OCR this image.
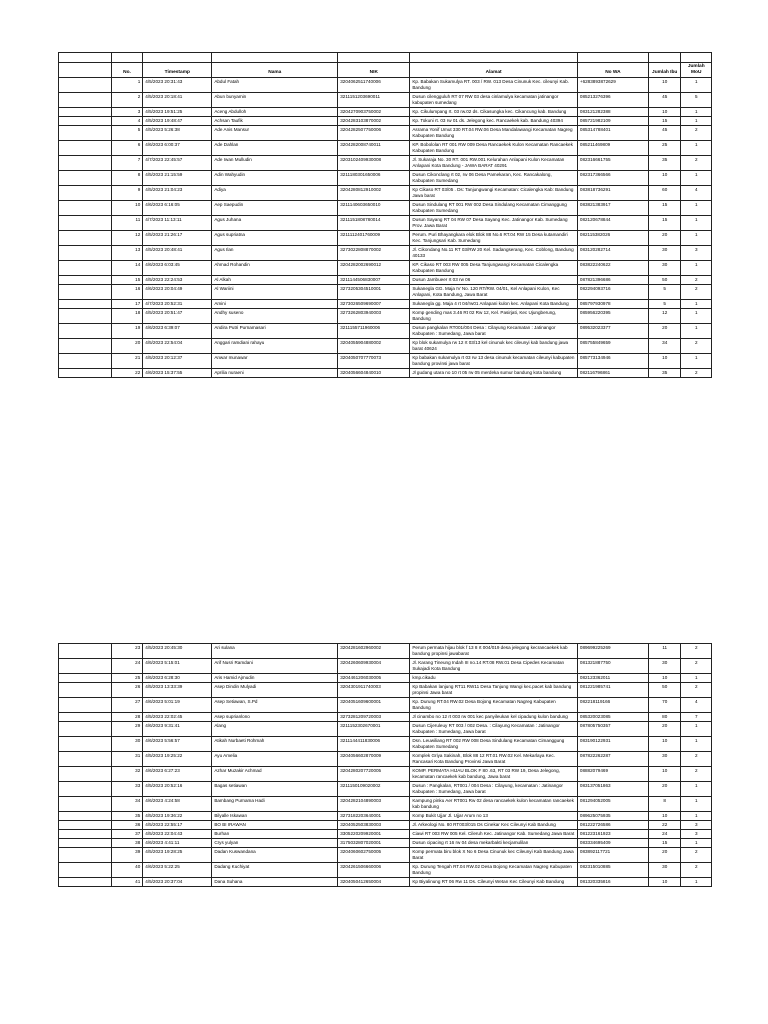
	No.	Timestamp	Nama	NIK	Alamat	No WA	Jumlah Ibu	Jumlah MoU
	1	4/5/2023 20:31:43	Abdul Fatah	3204062511740006	Kp. Babakan Sukamulya RT. 003 / RW. 013 Desa Cinunuk Kec. cileunyi Kab. Bandung	+6283893872629	10	1
	2	4/5/2023 20:18:41	Abun bunyamin	3211151203690011	Dusun cilengguluh RT 07 RW 03 desa cinlamulya kecamatan jatinangor kabupaten sumedang	085213276396	45	5
	3	4/5/2023 19:51:25	Aceng Abdulloh	3204270903750002	Kp. Cikulumpang rt. 03 rw.02 ds. Cikasungka kec. Cikancung kab. Bandung	083121282388	10	1
	4	4/5/2023 19:48:47	Achsan Taufik	3204283103870002	Kp. Tokuni rt. 03 rw 01 ds. Jelegong kec. Rancaekek kab. Bandung 40394	085721982109	15	1
	5	4/5/2023 5:26:38	Ade Anis Mansur	3204282507750006	Asrama Yonif Umut 330 RT.04 RW.06 Desa Mandalawangi Kecamatan Nagreg Kabupaten Bandung	085314788401	45	2
	6	4/6/2023 6:00:37	Ade Dahlan	3204282008740011	KP. Bobololan RT 001 RW 009 Desa Rancaekek Kulon Kecamatan Rancaekek Kabupaten Bandung	085211469809	25	1
	7	4/7/2023 22:45:57	Ade Iwan Mulludin	3203102409930008	Jl. Sukaraja No. 30 RT. 001 RW.001 Kelurahan Anlapani Kulon Kecamatan Anlapani Kota Bandung - JAWA BARAT 40291	082316661755	35	2
	8	4/5/2023 21:15:59	Adin Wahyudin	3211180301650006	Dusun Cikonclang rt 02, rw 06 Desa Pamekaran, Kec. Rancakalong, Kabupaten Sumedang	082317366566	10	1
	9	4/5/2023 21:04:23	Adiya	3204280812910002	Kp Cikaso RT 03/05 . Ds: Tanjungwangi Kecamatan: Cicalengka Kab: Bandung Jawa barat	083818736291	60	4
	10	4/6/2023 6:16:05	Aep Saepudin	3211140603650010	Dusun Sindulang RT 001 RW 002 Desa Sindulang Kecamatan Cimanggung Kabupaten Sumedang	083821383917	15	1
	11	4/7/2023 11:13:11	Agus Juhana	3211151808780014	Dusun Sayang RT 04 RW 07 Desa Sayang Kec. Jatinangor Kab. Sumedang Prov. Jawa Barat	082120678844	15	1
	12	4/5/2023 21:26:17	Agus supriatna	3211112401760009	Perum. Puri Bhayangkara elok Blok 88 No.6 RT.04 RW 15 Desa kutamandiri Kec. Tanjungsari Kab. Sumedang	082115382026	20	1
	13	4/5/2023 20:48:41	Agus Ilan	3273022808870002	Jl. Cikondang No.11 RT 03/RW 20 Kel. Sadangserang, Kec. Coblong, Bandung 40133	083120282714	30	3
	14	4/6/2023 6:03:45	Ahmad Rohandin	3204282002690012	KP. Cikaso RT 003 RW 005 Desa Tanjungwangi Kecamatan Cicalengka Kabupaten Bandung	083822240622	30	1
	15	4/5/2023 22:24:53	Al Alkah	3211144506830007	Dusun Jambueer rt 03 rw 06	087821396686	50	2
	16	4/6/2023 20:04:49	Al Wariini	3273205304510001	Sukanegla GG. Maja IV No. 120 RT/RW. 04/01, Kel Anlapani Kulon, Kec Anlapani, Kota Bandung, Jawa Barat	082294093716	5	2
	17	4/7/2023 20:52:31	Amini	3273026509690007	Sukanegla gg. Maja 4 rt 04/rw01 Anlapani kulon kec. Anlapani Kota Bandung	085797930978	5	1
	18	4/5/2023 20:51:47	Andhy suseno	3273262803940003	Komp gending mas 3.46 Rt 02 Rw 12, Kel. Pasirjati, Kec Ujungberung, Bandung	085956220395	12	1
	19	4/6/2023 6:39:07	Andira Putri Purnamasari	3211155711960006	Dusun pangkalan RT001/004 Desa : Cilayung Kecamatan : Jatinangor Kabupaten : Sumedang, Jawa barat	089532023377	20	1
	20	4/5/2023 22:54:04	Anggari ramdiani rahayu	3204055904880002	Kp blok sukamulya rw 12 rt 03/13 kel cinunuk kec cileunyi kab bandung jawa barat 40624	085755849659	34	2
	21	4/5/2023 20:12:37	Anwar munawar	3204050707770073	Kp babakan sukamulya rt 03 rw 13 desa cinunuk kecamatan cileunyi kabupaten bandung provinsi jawa barat	085773134946	10	1
	22	4/6/2023 15:37:55	Aprilia nuraeni	3204056604840010	Jl gudang utara no 10 rt 05 rw 05 merdeka sumur bandung kota bandung	082116796861	35	2
	23	4/5/2023 20:45:30	Ari sulana	3204281602960002	Perum permata hijau blok f 13 8 rt 004/019 desa jelegong kecrancaekek kab bandung propinsi jawabarat	089699225269	11	2
	24	4/6/2023 5:15:01	Arif Nusri Ramdani	3204260609930004	Jl. Karang Tineung Indah III no.14 RT.08 RW.01 Desa Cipedes Kecamatan Sukajadi Kota Bandung	081321887750	30	2
	25	4/6/2023 6:28:30	Aris Hamid Ajmudin	3204461206030005	kmp.cikadu	082123362011	10	1
	26	4/5/2023 13:33:39	Asep Dindin Mulyadi	3204301911740003	Kp Babakan lanjung RT11 RW11 Desa Tanjung Wangi kec.pacet kab bandung propinsi Jawa barat	081221985741	50	2
	27	4/6/2023 5:01:19	Asep Setiawan, S.Pd	3204051609600001	Kp. Durung RT.04 RW.02 Desa Bojong Kecamatan Nagreg Kabupaten Bandung	082218119166	70	4
	28	4/5/2023 22:02:45	Asep suprianlono	3273281209720003	Jl cinambo no 12 rt 003 rw 001 kec panyileukan kel cipadung kulon bandung	085320023085	80	7
	29	4/6/2023 9:31:41	Alang	3211152302670001	Dusun Cijeruleuy RT 003 / 002 Desa. : Cilayung Kecamatan : Jatinangor Kabupaten : Sumedang, Jawa barat	087805750357	20	1
	30	4/6/2023 5:56:57	Atikah Nurbaeti Rohmah	3211144411830006	Dsn. Leuwiliang RT 002 RW 008 Desa Sindulang Kecamatan Cimanggung Kabupaten Sumedang	083190122931	10	1
	31	4/5/2023 19:25:22	Ayu Amelia	3204056602870009	Komplek Griya Sakinah, Blok 88 12 RT.01 RW.02 Kel. Mekarlaya Kec. Rancasari Kota Bandung Provinsi Jawa Barat	087822262287	30	2
	32	4/6/2023 6:27:23	Azhar Muzakir Achmad	3204280207720005	KOMP. PERMATA HIJAU BLOK F 80 .63, RT 03 RW 19, Desa Jelegong, kecamatan rancaekek kab bandung, Jawa barat	08882079469	10	2
	33	4/5/2023 20:52:16	Bagas setiawan	3211150109020002	Dusun : Pangkalan, RT001 / 004 Desa : Cilayung, kecamatan : Jatinangor Kabupaten : Sumedang, Jawa barat	083137051863	20	1
	34	4/6/2023 4:24:58	Bambang Purnama Hadi	3204282104890003	Kampung pinku Aer RT001 Rw 02 desa rancaekek kulon kecamatan rancaekek kab bandung	081294052005	8	1
	35	4/5/2023 19:36:22	Bilyalle Iskawan	3273182203640001	Komp Bukit Ujjar Jl. Ujjar Arum no 13	089625075935	10	1
	36	4/5/2023 22:55:17	BO BI IRAWAN	3204052503830003	Jl. Arkeologi No. 80 RT003/015 Ds Cinekar Kec Cileunyi Kab Bandung	081222726586	22	3
	37	4/5/2023 22:04:43	Burhan	3305220209920001	Ciawi RT 003 RW 005 Kel. Cileruh Kec. Jatinangor Kab. Sumedang Jawa Barat	081223161923	24	3
	38	4/6/2023 4:41:11	Crys yulyan	3175032807020001	Dusun cipacing rt 16 rw 04 desa mekarbakti kecjamulilan	083334695409	15	1
	39	4/5/2023 19:28:25	Dadan Kuswandana	3204060602750005	Komp permata biru blok X No 6 Desa Cinunuk kec Cileunyi Kab Bandung Jawa Barat	083892117721	20	2
	40	4/6/2023 5:22:25	Dadang Kuchiyat	3204261506660006	Kp. Durung Tengah RT.04 RW.02 Desa Bojong Kecamatan Nagreg Kabupaten Bandung	082315010885	30	2
	41	4/5/2023 20:37:04	Dana Suhana	3204050412650004	Kp Biyalinung RT 06 Rw 11 Ds. Cileunyi Wetan Kec Cileunyi Kab Bandung	081320335816	10	1
